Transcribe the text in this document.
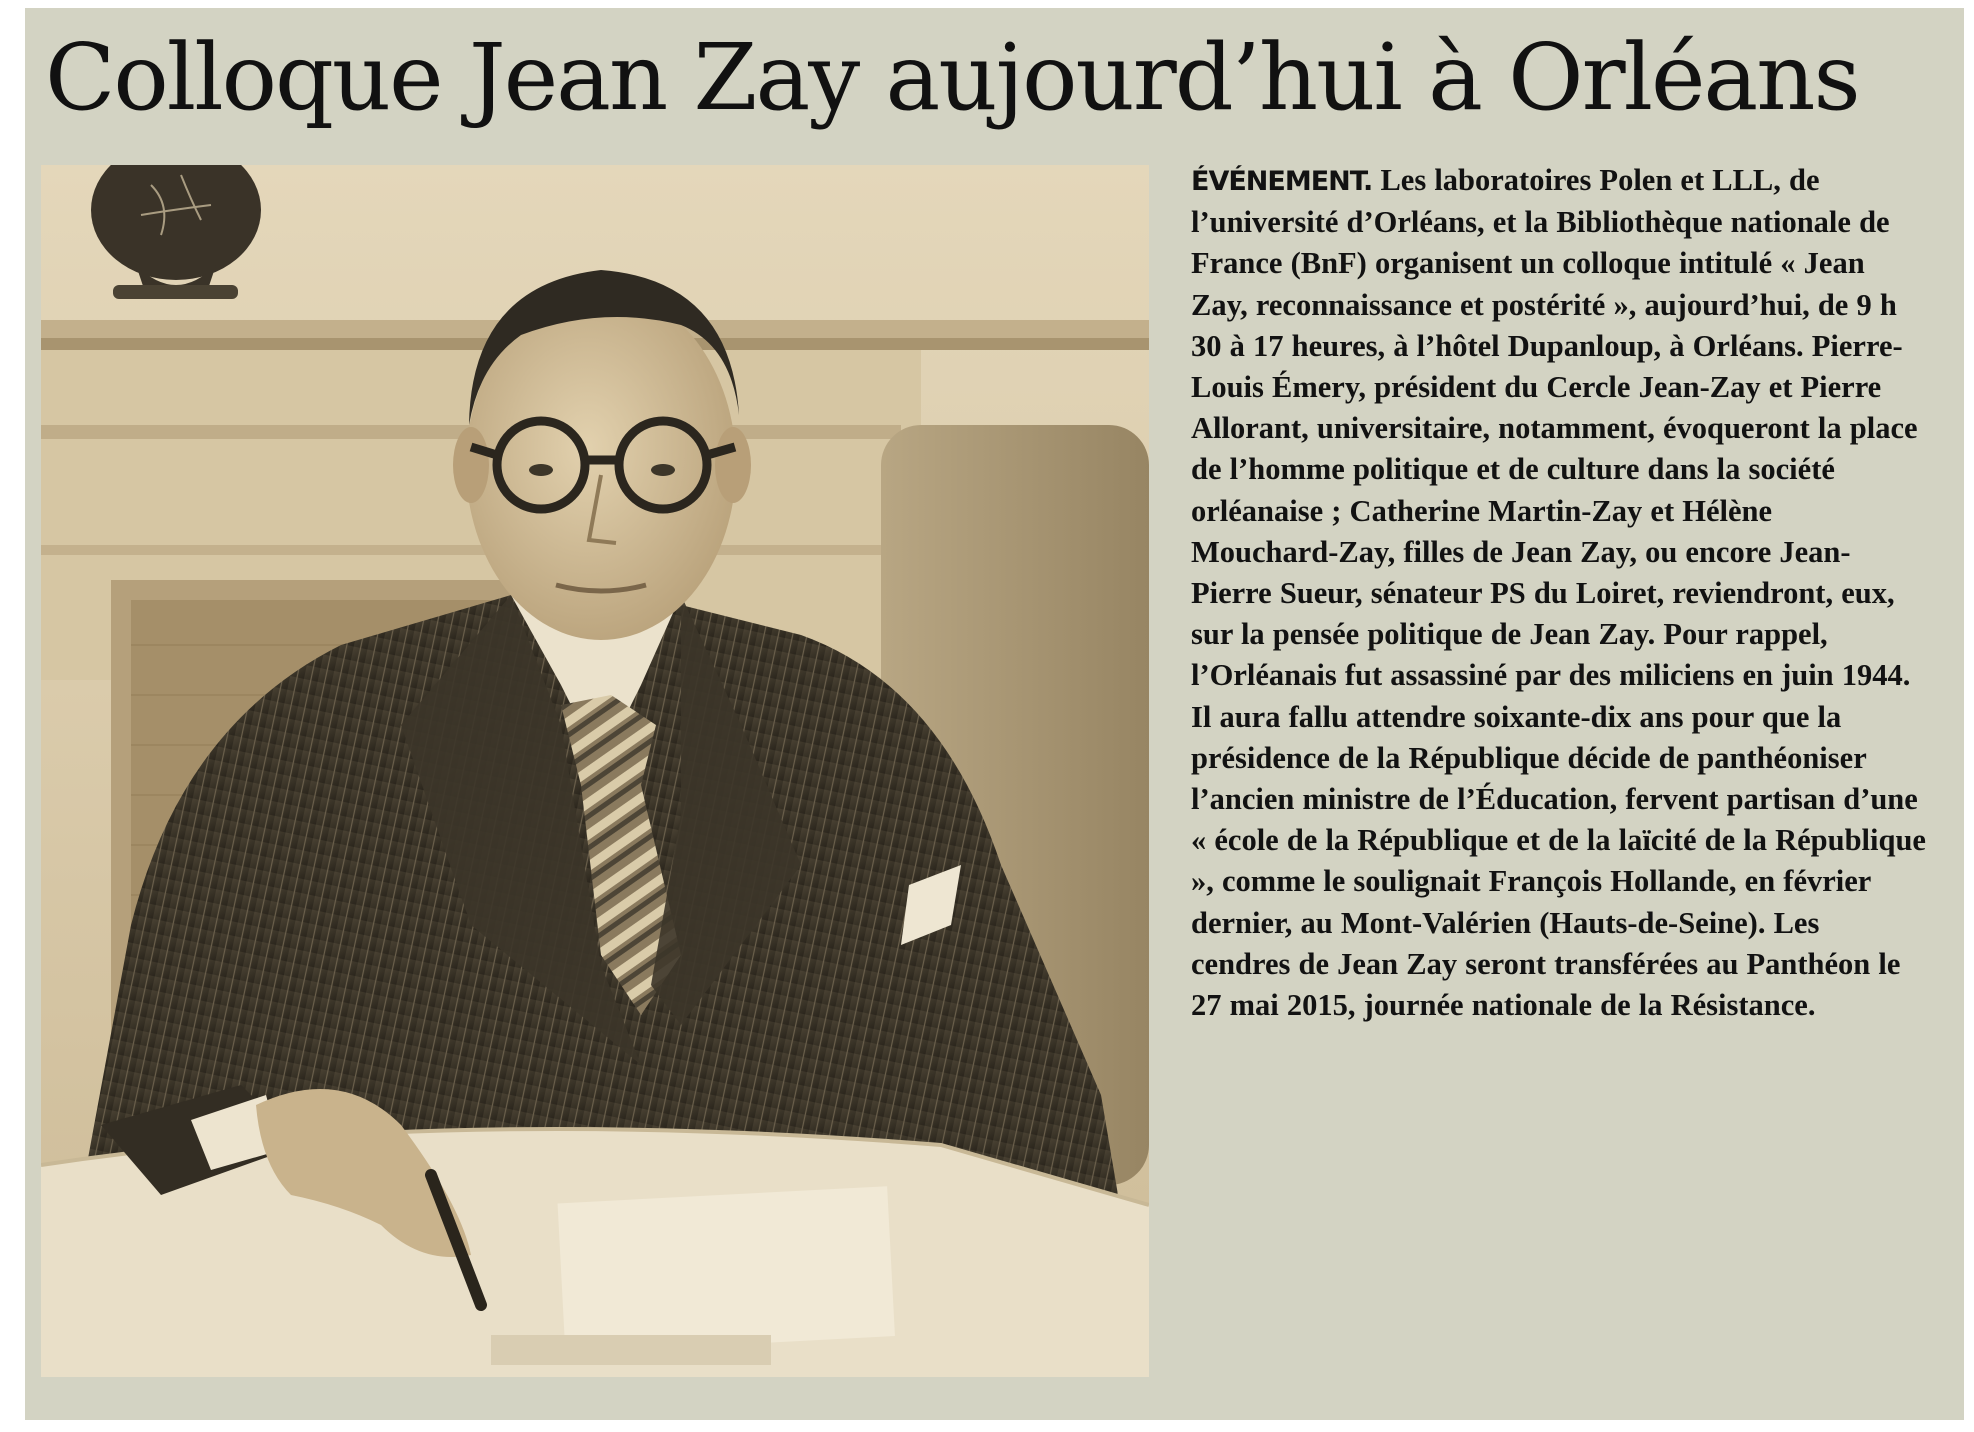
Colloque Jean Zay aujourd’hui à Orléans

ÉVÉNEMENT. Les laboratoires Polen et LLL, de l’université d’Orléans, et la Bibliothèque nationale de France (BnF) organisent un colloque intitulé « Jean Zay, reconnaissance et postérité », aujourd’hui, de 9 h 30 à 17 heures, à l’hôtel Dupanloup, à Orléans. Pierre-Louis Émery, président du Cercle Jean-Zay et Pierre Allorant, universitaire, notamment, évoqueront la place de l’homme politique et de culture dans la société orléanaise ; Catherine Martin-Zay et Hélène Mouchard-Zay, filles de Jean Zay, ou encore Jean-Pierre Sueur, sénateur PS du Loiret, reviendront, eux, sur la pensée politique de Jean Zay. Pour rappel, l’Orléanais fut assassiné par des miliciens en juin 1944. Il aura fallu attendre soixante-dix ans pour que la présidence de la République décide de panthéoniser l’ancien ministre de l’Éducation, fervent partisan d’une « école de la République et de la laïcité de la République », comme le soulignait François Hollande, en février dernier, au Mont-Valérien (Hauts-de-Seine). Les cendres de Jean Zay seront transférées au Panthéon le 27 mai 2015, journée nationale de la Résistance.
